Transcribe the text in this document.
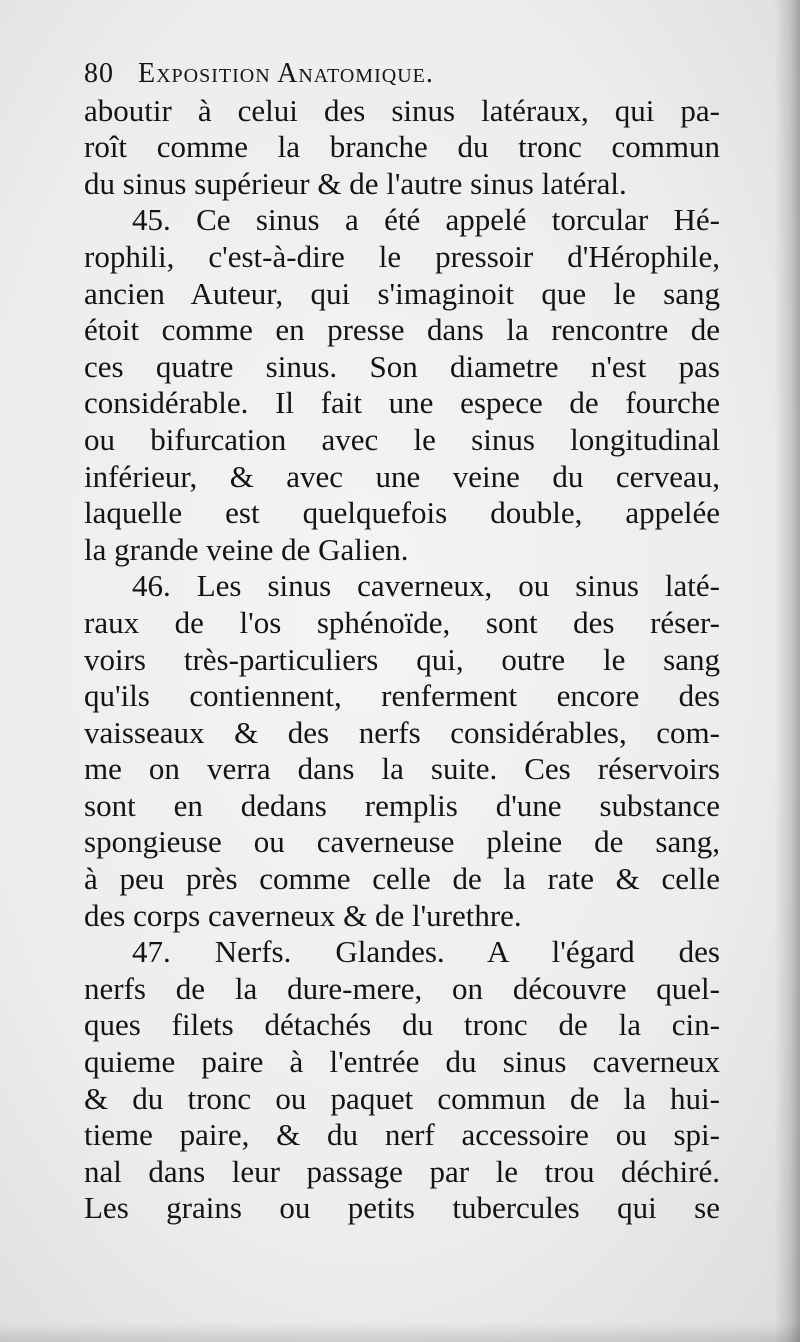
80 Exposition Anatomique.
aboutir à celui des sinus latéraux, qui pa-
roît comme la branche du tronc commun
du sinus supérieur & de l'autre sinus latéral.
45. Ce sinus a été appelé torcular Hé-
rophili, c'est-à-dire le pressoir d'Hérophile,
ancien Auteur, qui s'imaginoit que le sang
étoit comme en presse dans la rencontre de
ces quatre sinus. Son diametre n'est pas
considérable. Il fait une espece de fourche
ou bifurcation avec le sinus longitudinal
inférieur, & avec une veine du cerveau,
laquelle est quelquefois double, appelée
la grande veine de Galien.
46. Les sinus caverneux, ou sinus laté-
raux de l'os sphénoïde, sont des réser-
voirs très-particuliers qui, outre le sang
qu'ils contiennent, renferment encore des
vaisseaux & des nerfs considérables, com-
me on verra dans la suite. Ces réservoirs
sont en dedans remplis d'une substance
spongieuse ou caverneuse pleine de sang,
à peu près comme celle de la rate & celle
des corps caverneux & de l'urethre.
47. Nerfs. Glandes. A l'égard des
nerfs de la dure-mere, on découvre quel-
ques filets détachés du tronc de la cin-
quieme paire à l'entrée du sinus caverneux
& du tronc ou paquet commun de la hui-
tieme paire, & du nerf accessoire ou spi-
nal dans leur passage par le trou déchiré.
Les grains ou petits tubercules qui se
